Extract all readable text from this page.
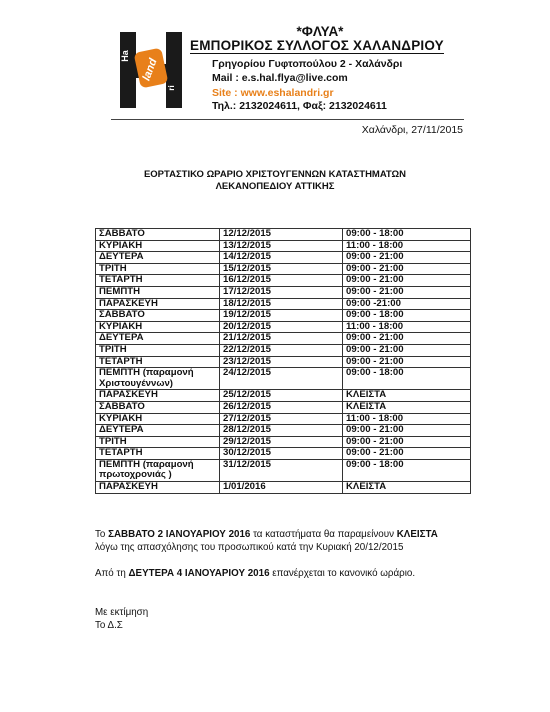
Ha
land
ri
*ΦΛΥΑ*
ΕΜΠΟΡΙΚΟΣ ΣΥΛΛΟΓΟΣ ΧΑΛΑΝΔΡΙΟΥ
Γρηγορίου Γυφτοπούλου 2 - Χαλάνδρι
Mail : e.s.hal.flya@live.com
Site : www.eshalandri.gr
Τηλ.: 2132024611, Φαξ: 2132024611
Χαλάνδρι, 27/11/2015
ΕΟΡΤΑΣΤΙΚΟ ΩΡΑΡΙΟ ΧΡΙΣΤΟΥΓΕΝΝΩΝ ΚΑΤΑΣΤΗΜΑΤΩΝ
ΛΕΚΑΝΟΠΕΔΙΟΥ ΑΤΤΙΚΗΣ
ΣΑΒΒΑΤΟ	12/12/2015	09:00 - 18:00
ΚΥΡΙΑΚΗ	13/12/2015	11:00 - 18:00
ΔΕΥΤΕΡΑ	14/12/2015	09:00 - 21:00
ΤΡΙΤΗ	15/12/2015	09:00 - 21:00
ΤΕΤΑΡΤΗ	16/12/2015	09:00 - 21:00
ΠΕΜΠΤΗ	17/12/2015	09:00 - 21:00
ΠΑΡΑΣΚΕΥΗ	18/12/2015	09:00 -21:00
ΣΑΒΒΑΤΟ	19/12/2015	09:00 - 18:00
ΚΥΡΙΑΚΗ	20/12/2015	11:00 - 18:00
ΔΕΥΤΕΡΑ	21/12/2015	09:00 - 21:00
ΤΡΙΤΗ	22/12/2015	09:00 - 21:00
ΤΕΤΑΡΤΗ	23/12/2015	09:00 - 21:00
ΠΕΜΠΤΗ (παραμονή
Χριστουγέννων)	24/12/2015	09:00 - 18:00
ΠΑΡΑΣΚΕΥΗ	25/12/2015	ΚΛΕΙΣΤΑ
ΣΑΒΒΑΤΟ	26/12/2015	ΚΛΕΙΣΤΑ
ΚΥΡΙΑΚΗ	27/12/2015	11:00 - 18:00
ΔΕΥΤΕΡΑ	28/12/2015	09:00 - 21:00
ΤΡΙΤΗ	29/12/2015	09:00 - 21:00
ΤΕΤΑΡΤΗ	30/12/2015	09:00 - 21:00
ΠΕΜΠΤΗ (παραμονή
πρωτοχρονιάς )	31/12/2015	09:00 - 18:00
ΠΑΡΑΣΚΕΥΗ	1/01/2016	ΚΛΕΙΣΤΑ

Το ΣΑΒΒΑΤΟ 2 ΙΑΝΟΥΑΡΙΟΥ 2016 τα καταστήματα θα παραμείνουν ΚΛΕΙΣΤΑ

λόγω της απασχόλησης του προσωπικού κατά την Κυριακή 20/12/2015

Από τη ΔΕΥΤΕΡΑ 4 ΙΑΝΟΥΑΡΙΟΥ 2016 επανέρχεται το κανονικό ωράριο.

Με εκτίμηση

Το Δ.Σ
